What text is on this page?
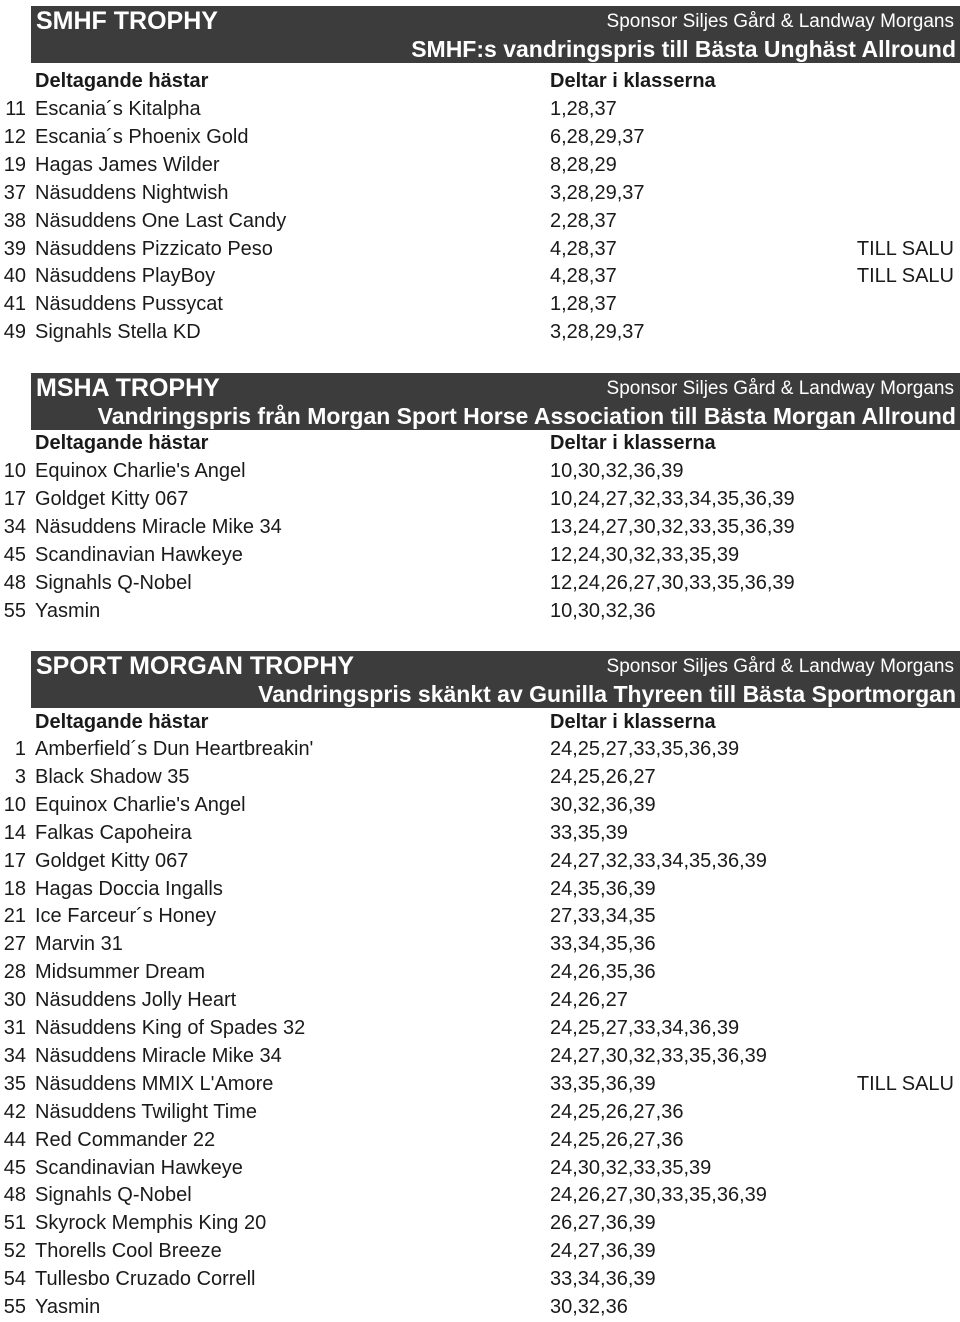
SMHF TROPHY	Sponsor Siljes Gård & Landway Morgans
SMHF:s vandringspris till Bästa Unghäst Allround
Deltagande hästar	Deltar i klasserna
11 Escania´s Kitalpha	1,28,37
12 Escania´s Phoenix Gold	6,28,29,37
19 Hagas James Wilder	8,28,29
37 Näsuddens Nightwish	3,28,29,37
38 Näsuddens One Last Candy	2,28,37
39 Näsuddens Pizzicato Peso	4,28,37	TILL SALU
40 Näsuddens PlayBoy	4,28,37	TILL SALU
41 Näsuddens Pussycat	1,28,37
49 Signahls Stella KD	3,28,29,37
MSHA TROPHY	Sponsor Siljes Gård & Landway Morgans
Vandringspris från Morgan Sport Horse Association till Bästa Morgan Allround
Deltagande hästar	Deltar i klasserna
10 Equinox Charlie's Angel	10,30,32,36,39
17 Goldget Kitty 067	10,24,27,32,33,34,35,36,39
34 Näsuddens Miracle Mike 34	13,24,27,30,32,33,35,36,39
45 Scandinavian Hawkeye	12,24,30,32,33,35,39
48 Signahls Q-Nobel	12,24,26,27,30,33,35,36,39
55 Yasmin	10,30,32,36
SPORT MORGAN TROPHY	Sponsor Siljes Gård & Landway Morgans
Vandringspris skänkt av Gunilla Thyreen till Bästa Sportmorgan
Deltagande hästar	Deltar i klasserna
1 Amberfield´s Dun Heartbreakin'	24,25,27,33,35,36,39
3 Black Shadow 35	24,25,26,27
10 Equinox Charlie's Angel	30,32,36,39
14 Falkas Capoheira	33,35,39
17 Goldget Kitty 067	24,27,32,33,34,35,36,39
18 Hagas Doccia Ingalls	24,35,36,39
21 Ice Farceur´s Honey	27,33,34,35
27 Marvin 31	33,34,35,36
28 Midsummer Dream	24,26,35,36
30 Näsuddens Jolly Heart	24,26,27
31 Näsuddens King of Spades 32	24,25,27,33,34,36,39
34 Näsuddens Miracle Mike 34	24,27,30,32,33,35,36,39
35 Näsuddens MMIX L'Amore	33,35,36,39	TILL SALU
42 Näsuddens Twilight Time	24,25,26,27,36
44 Red Commander 22	24,25,26,27,36
45 Scandinavian Hawkeye	24,30,32,33,35,39
48 Signahls Q-Nobel	24,26,27,30,33,35,36,39
51 Skyrock Memphis King 20	26,27,36,39
52 Thorells Cool Breeze	24,27,36,39
54 Tullesbo Cruzado Correll	33,34,36,39
55 Yasmin	30,32,36
